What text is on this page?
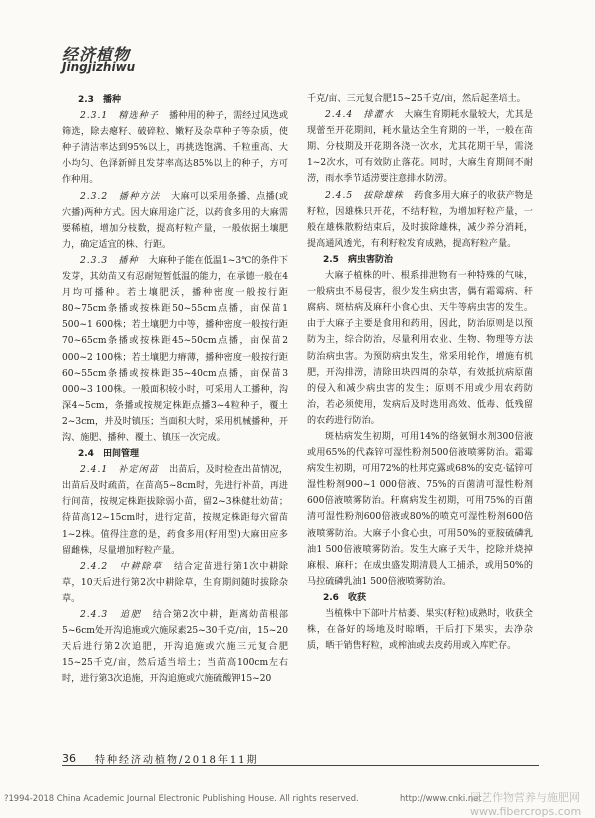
经济植物
Jingjizhiwu

2.3　播种

2.3.1　精选种子　播种用的种子，需经过风选或筛选，除去瘪籽、破碎粒、嫩籽及杂草种子等杂质，使种子清洁率达到95%以上，再挑选饱满、千粒重高、大小均匀、色泽新鲜且发芽率高达85%以上的种子，方可作种用。

2.3.2　播种方法　大麻可以采用条播、点播(或穴播)两种方式。因大麻用途广泛，以药食多用的大麻需要稀植，增加分枝数，提高籽粒产量，一般依据土壤肥力，确定适宜的株、行距。

2.3.3　播种　大麻种子能在低温1~3℃的条件下发芽，其幼苗又有忍耐短暂低温的能力，在承德一般在4月均可播种。若土壤肥沃，播种密度一般按行距80~75cm条播或按株距50~55cm点播，亩保苗1 500~1 600株；若土壤肥力中等，播种密度一般按行距70~65cm条播或按株距45~50cm点播，亩保苗2 000~2 100株；若土壤肥力瘠薄，播种密度一般按行距60~55cm条播或按株距35~40cm点播，亩保苗3 000~3 100株。一般面积较小时，可采用人工播种，沟深4~5cm，条播或按规定株距点播3~4粒种子，覆土2~3cm，并及时镇压；当面积大时，采用机械播种，开沟、施肥、播种、覆土、镇压一次完成。

2.4　田间管理

2.4.1　补定闲苗　出苗后，及时检查出苗情况，出苗后及时疏苗，在苗高5~8cm时，先进行补苗，再进行间苗，按规定株距拔除弱小苗，留2~3株健壮幼苗；待苗高12~15cm时，进行定苗，按规定株距每穴留苗1~2株。值得注意的是，药食多用(籽用型)大麻田应多留雌株，尽量增加籽粒产量。

2.4.2　中耕除草　结合定苗进行第1次中耕除草，10天后进行第2次中耕除草，生育期间随时拔除杂草。

2.4.3　追肥　结合第2次中耕，距离幼苗根部5~6cm处开沟追施或穴施尿素25~30千克/亩，15~20天后进行第2次追肥，开沟追施或穴施三元复合肥15~25千克/亩，然后适当培土；当苗高100cm左右时，进行第3次追施，开沟追施或穴施硫酸钾15~20

千克/亩、三元复合肥15~25千克/亩，然后起垄培土。

2.4.4　排灌水　大麻生育期耗水量较大，尤其是现蕾至开花期间，耗水量达全生育期的一半，一般在苗期、分枝期及开花期各浇一次水，尤其花期干旱，需浇1~2次水，可有效防止落花。同时，大麻生育期间不耐涝，雨水季节适涝要注意排水防涝。

2.4.5　拔除雄株　药食多用大麻子的收获产物是籽粒，因雄株只开花，不结籽粒，为增加籽粒产量，一般在雄株散粉结束后，及时拔除雄株，减少养分消耗，提高通风透光，有利籽粒发育成熟，提高籽粒产量。

2.5　病虫害防治

大麻子植株的叶、根系排泄物有一种特殊的气味，一般病虫不易侵害，很少发生病虫害，偶有霜霉病、秆腐病、斑枯病及麻秆小食心虫、天牛等病虫害的发生。由于大麻子主要是食用和药用，因此，防治原则是以预防为主，综合防治，尽量利用农业、生物、物理等方法防治病虫害。为预防病虫发生，常采用轮作，增施有机肥，开沟排涝，清除田块四周的杂草，有效抵抗病原菌的侵入和减少病虫害的发生；原则不用或少用农药防治，若必须使用，发病后及时选用高效、低毒、低残留的农药进行防治。

斑枯病发生初期，可用14%的络氨铜水剂300倍液或用65%的代森锌可湿性粉剂500倍液喷雾防治。霜霉病发生初期，可用72%的杜邦克露或68%的安克·锰锌可湿性粉剂900~1 000倍液、75%的百菌清可湿性粉剂600倍液喷雾防治。秆腐病发生初期，可用75%的百菌清可湿性粉剂600倍液或80%的喷克可湿性粉剂600倍液喷雾防治。大麻子小食心虫，可用50%的亚胺硫磷乳油1 500倍液喷雾防治。发生大麻子天牛，挖除并烧掉麻根、麻秆；在成虫盛发期清晨人工捕杀，或用50%的马拉硫磷乳油1 500倍液喷雾防治。

2.6　收获

当植株中下部叶片枯萎、果实(籽粒)成熟时，收获全株，在备好的场地及时晾晒，干后打下果实，去净杂质，晒干销售籽粒，或榨油或去皮药用或入库贮存。

36 特种经济动植物/2018年11期
?1994-2018 China Academic Journal Electronic Publishing House. All rights reserved.	http://www.cnki.net
园艺作物营养与施肥网 www.fibercrops.com
